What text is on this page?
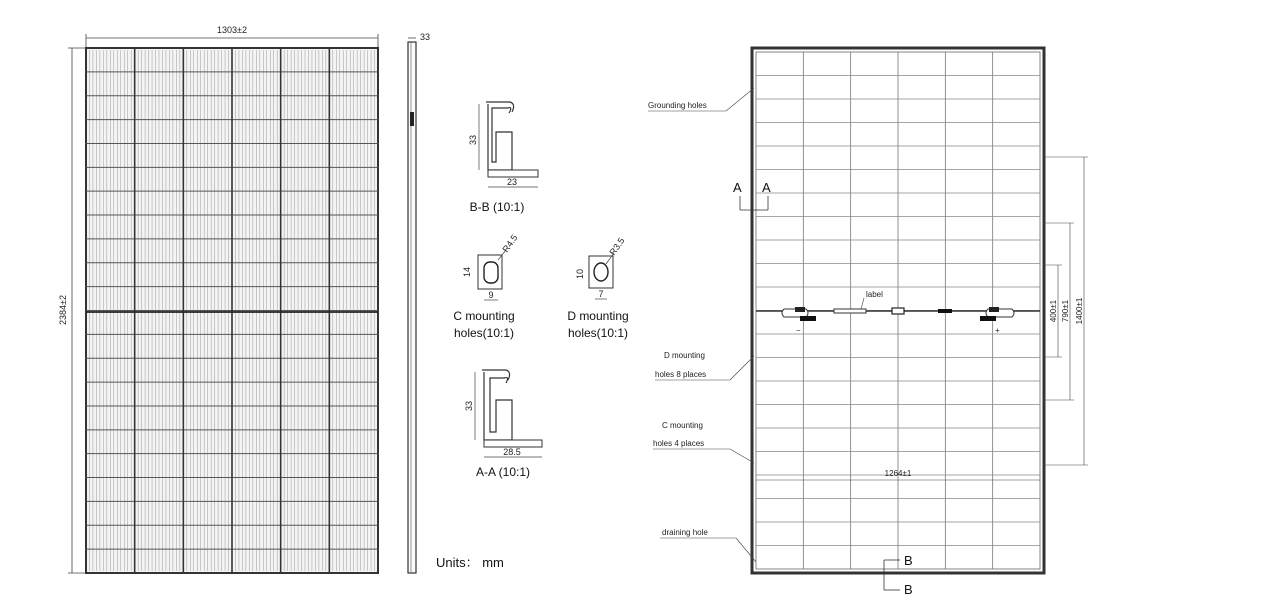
1303±2
2384±2
33
33
23
B-B (10:1)
R4.5
14
9
C mounting
holes(10:1)
R3.5
10
7
D mounting
holes(10:1)
33
28.5
A-A (10:1)
Units： mm
−
label
+
A A
B
B
Grounding holes
D mounting
holes 8 places
C mounting
holes 4 places
draining hole
400±1 790±1 1400±1
1264±1
